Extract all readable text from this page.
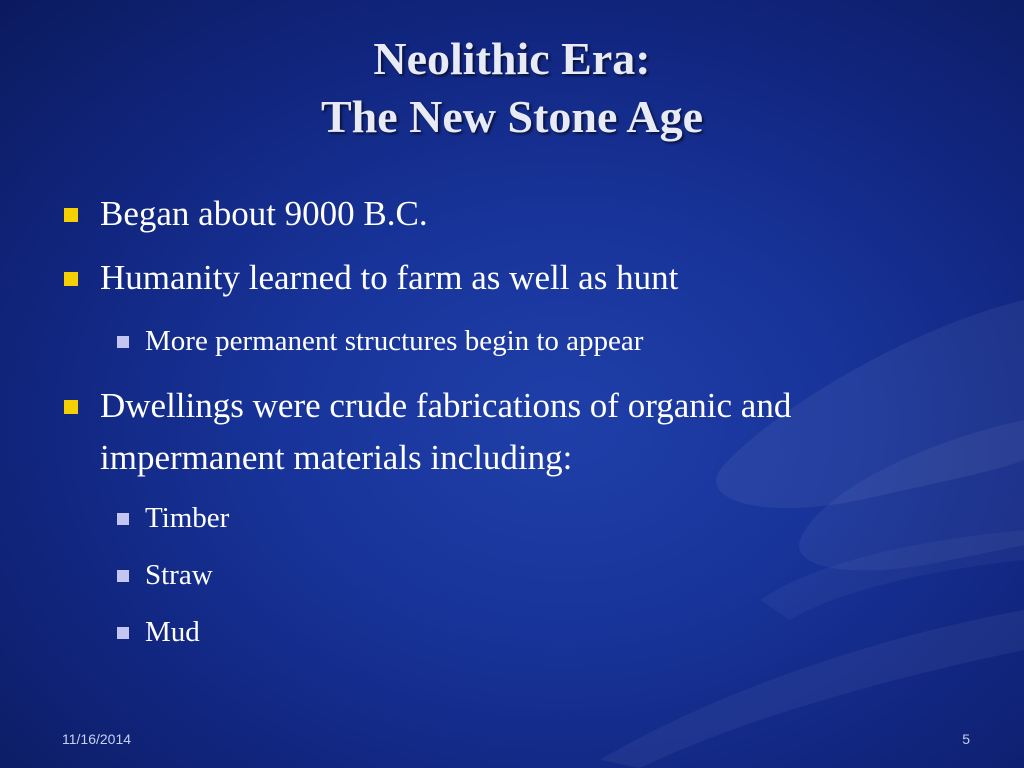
Neolithic Era:
The New Stone Age
Began about 9000 B.C.
Humanity learned to farm as well as hunt
More permanent structures begin to appear
Dwellings were crude fabrications of organic and impermanent materials including:
Timber
Straw
Mud
11/16/2014	5
